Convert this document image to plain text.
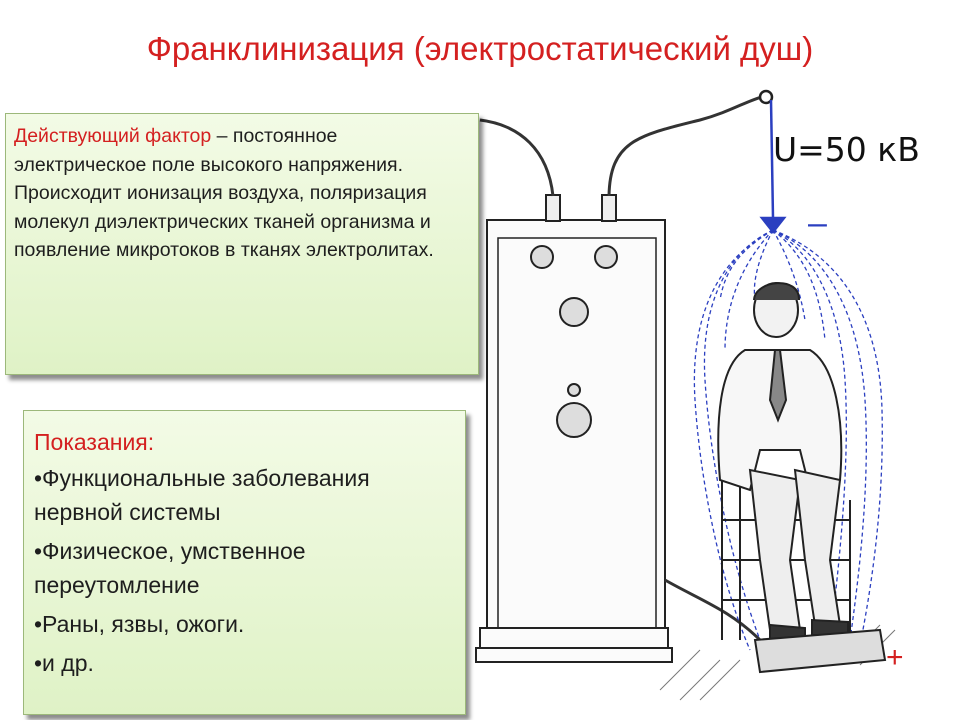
Франклинизация (электростатический душ)

Действующий фактор – постоянное электрическое поле высокого напряжения.

Происходит ионизация воздуха, поляризация молекул диэлектрических тканей организма и появление микротоков в тканях электролитах.

Показания:

•Функциональные заболевания нервной системы
•Физическое, умственное переутомление
•Раны, язвы, ожоги.
•и др.
U=50 кВ
–
+
